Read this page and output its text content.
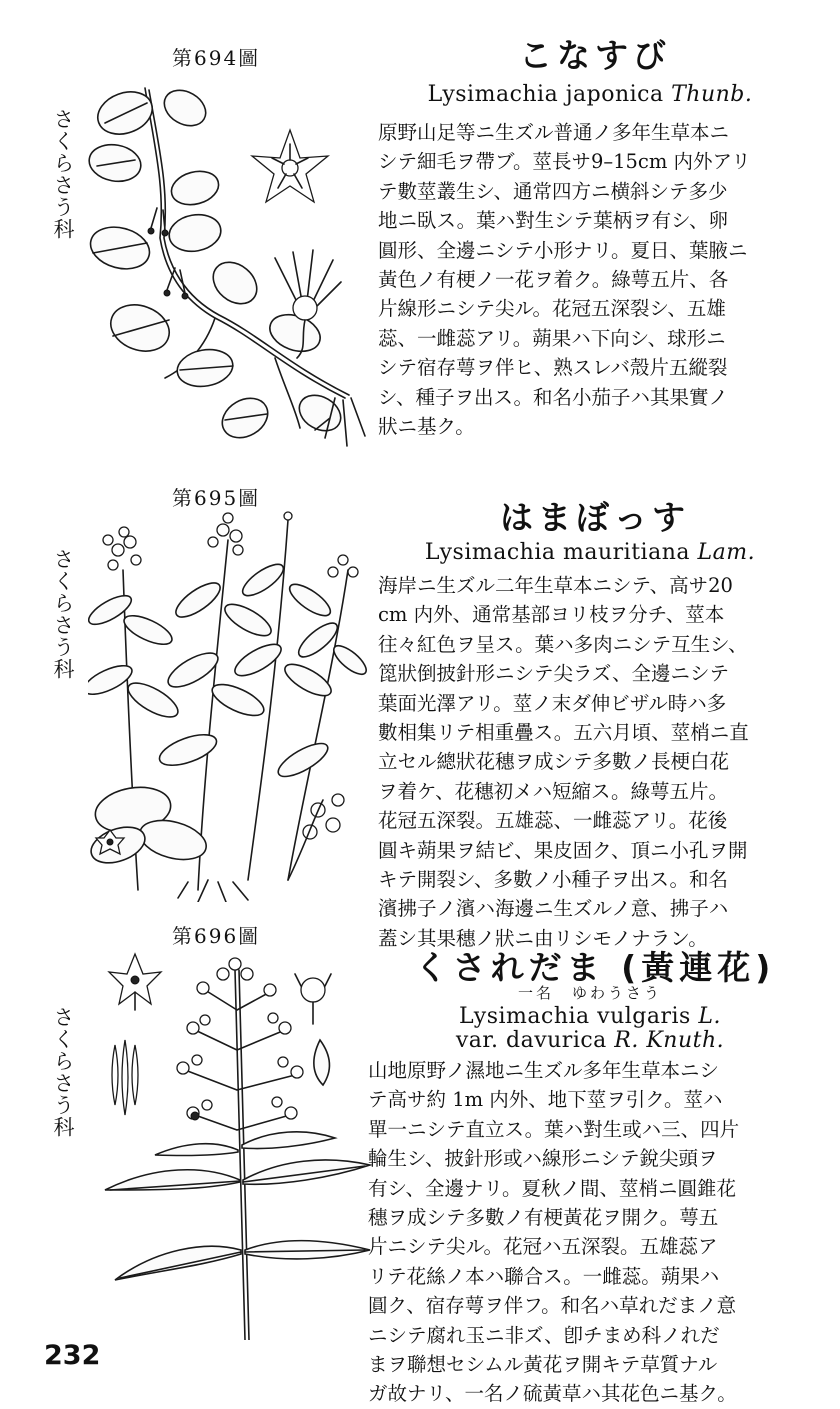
第694圖
さくらさう科
こなすび
Lysimachia japonica Thunb.
原野山足等ニ生ズル普通ノ多年生草本ニ
シテ細毛ヲ帶ブ。莖長サ9–15cm 内外アリ
テ數莖叢生シ、通常四方ニ横斜シテ多少
地ニ臥ス。葉ハ對生シテ葉柄ヲ有シ、卵
圓形、全邊ニシテ小形ナリ。夏日、葉腋ニ
黃色ノ有梗ノ一花ヲ着ク。綠萼五片、各
片線形ニシテ尖ル。花冠五深裂シ、五雄
蕊、一雌蕊アリ。蒴果ハ下向シ、球形ニ
シテ宿存萼ヲ伴ヒ、熟スレバ殼片五縱裂
シ、種子ヲ出ス。和名小茄子ハ其果實ノ
狀ニ基ク。
第695圖
さくらさう科
はまぼっす
Lysimachia mauritiana Lam.
海岸ニ生ズル二年生草本ニシテ、高サ20
cm 内外、通常基部ヨリ枝ヲ分チ、莖本
往々紅色ヲ呈ス。葉ハ多肉ニシテ互生シ、
箆狀倒披針形ニシテ尖ラズ、全邊ニシテ
葉面光澤アリ。莖ノ末ダ伸ビザル時ハ多
數相集リテ相重疊ス。五六月頃、莖梢ニ直
立セル總狀花穗ヲ成シテ多數ノ長梗白花
ヲ着ケ、花穗初メハ短縮ス。綠萼五片。
花冠五深裂。五雄蕊、一雌蕊アリ。花後
圓キ蒴果ヲ結ビ、果皮固ク、頂ニ小孔ヲ開
キテ開裂シ、多數ノ小種子ヲ出ス。和名
濱拂子ノ濱ハ海邊ニ生ズルノ意、拂子ハ
蓋シ其果穗ノ狀ニ由リシモノナラン。
第696圖
さくらさう科
くされだま (黃連花)
一名　ゆわうさう
Lysimachia vulgaris L.
var. davurica R. Knuth.
山地原野ノ濕地ニ生ズル多年生草本ニシ
テ高サ約 1m 内外、地下莖ヲ引ク。莖ハ
單一ニシテ直立ス。葉ハ對生或ハ三、四片
輪生シ、披針形或ハ線形ニシテ銳尖頭ヲ
有シ、全邊ナリ。夏秋ノ間、莖梢ニ圓錐花
穗ヲ成シテ多數ノ有梗黃花ヲ開ク。萼五
片ニシテ尖ル。花冠ハ五深裂。五雄蕊ア
リテ花絲ノ本ハ聯合ス。一雌蕊。蒴果ハ
圓ク、宿存萼ヲ伴フ。和名ハ草れだまノ意
ニシテ腐れ玉ニ非ズ、卽チまめ科ノれだ
まヲ聯想セシムル黃花ヲ開キテ草質ナル
ガ故ナリ、一名ノ硫黃草ハ其花色ニ基ク。
232
